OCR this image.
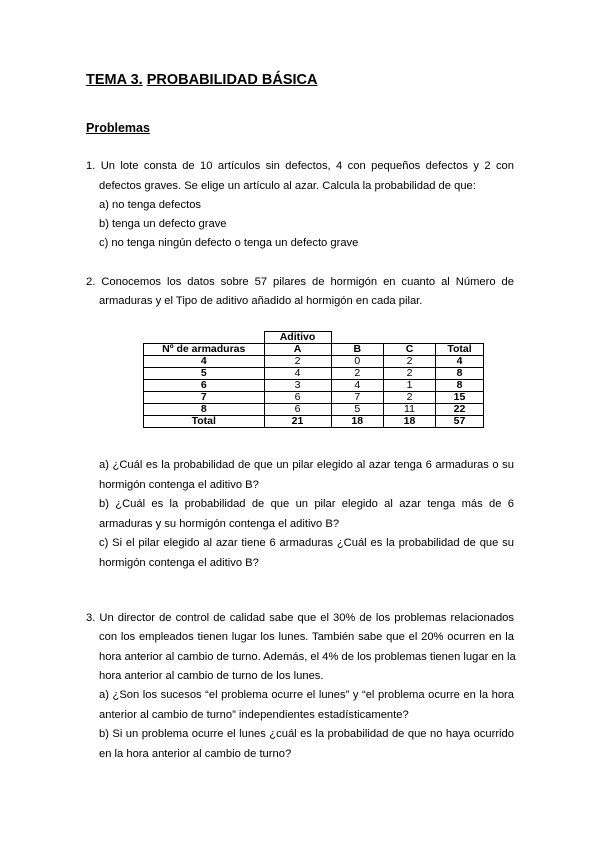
TEMA 3. PROBABILIDAD BÁSICA
Problemas
1. Un lote consta de 10 artículos sin defectos, 4 con pequeños defectos y 2 con
defectos graves. Se elige un artículo al azar. Calcula la probabilidad de que:
a) no tenga defectos
b) tenga un defecto grave
c) no tenga ningún defecto o tenga un defecto grave
2. Conocemos los datos sobre 57 pilares de hormigón en cuanto al Número de
armaduras y el Tipo de aditivo añadido al hormigón en cada pilar.
	Aditivo			
Nº de armaduras	A	B	C	Total
4	2	0	2	4
5	4	2	2	8
6	3	4	1	8
7	6	7	2	15
8	6	5	11	22
Total	21	18	18	57
a) ¿Cuál es la probabilidad de que un pilar elegido al azar tenga 6 armaduras o su
hormigón contenga el aditivo B?
b) ¿Cuál es la probabilidad de que un pilar elegido al azar tenga más de 6
armaduras y su hormigón contenga el aditivo B?
c) Si el pilar elegido al azar tiene 6 armaduras ¿Cuál es la probabilidad de que su
hormigón contenga el aditivo B?
3. Un director de control de calidad sabe que el 30% de los problemas relacionados
con los empleados tienen lugar los lunes. También sabe que el 20% ocurren en la
hora anterior al cambio de turno. Además, el 4% de los problemas tienen lugar en la
hora anterior al cambio de turno de los lunes.
a) ¿Son los sucesos “el problema ocurre el lunes” y “el problema ocurre en la hora
anterior al cambio de turno” independientes estadísticamente?
b) Si un problema ocurre el lunes ¿cuál es la probabilidad de que no haya ocurrido
en la hora anterior al cambio de turno?
